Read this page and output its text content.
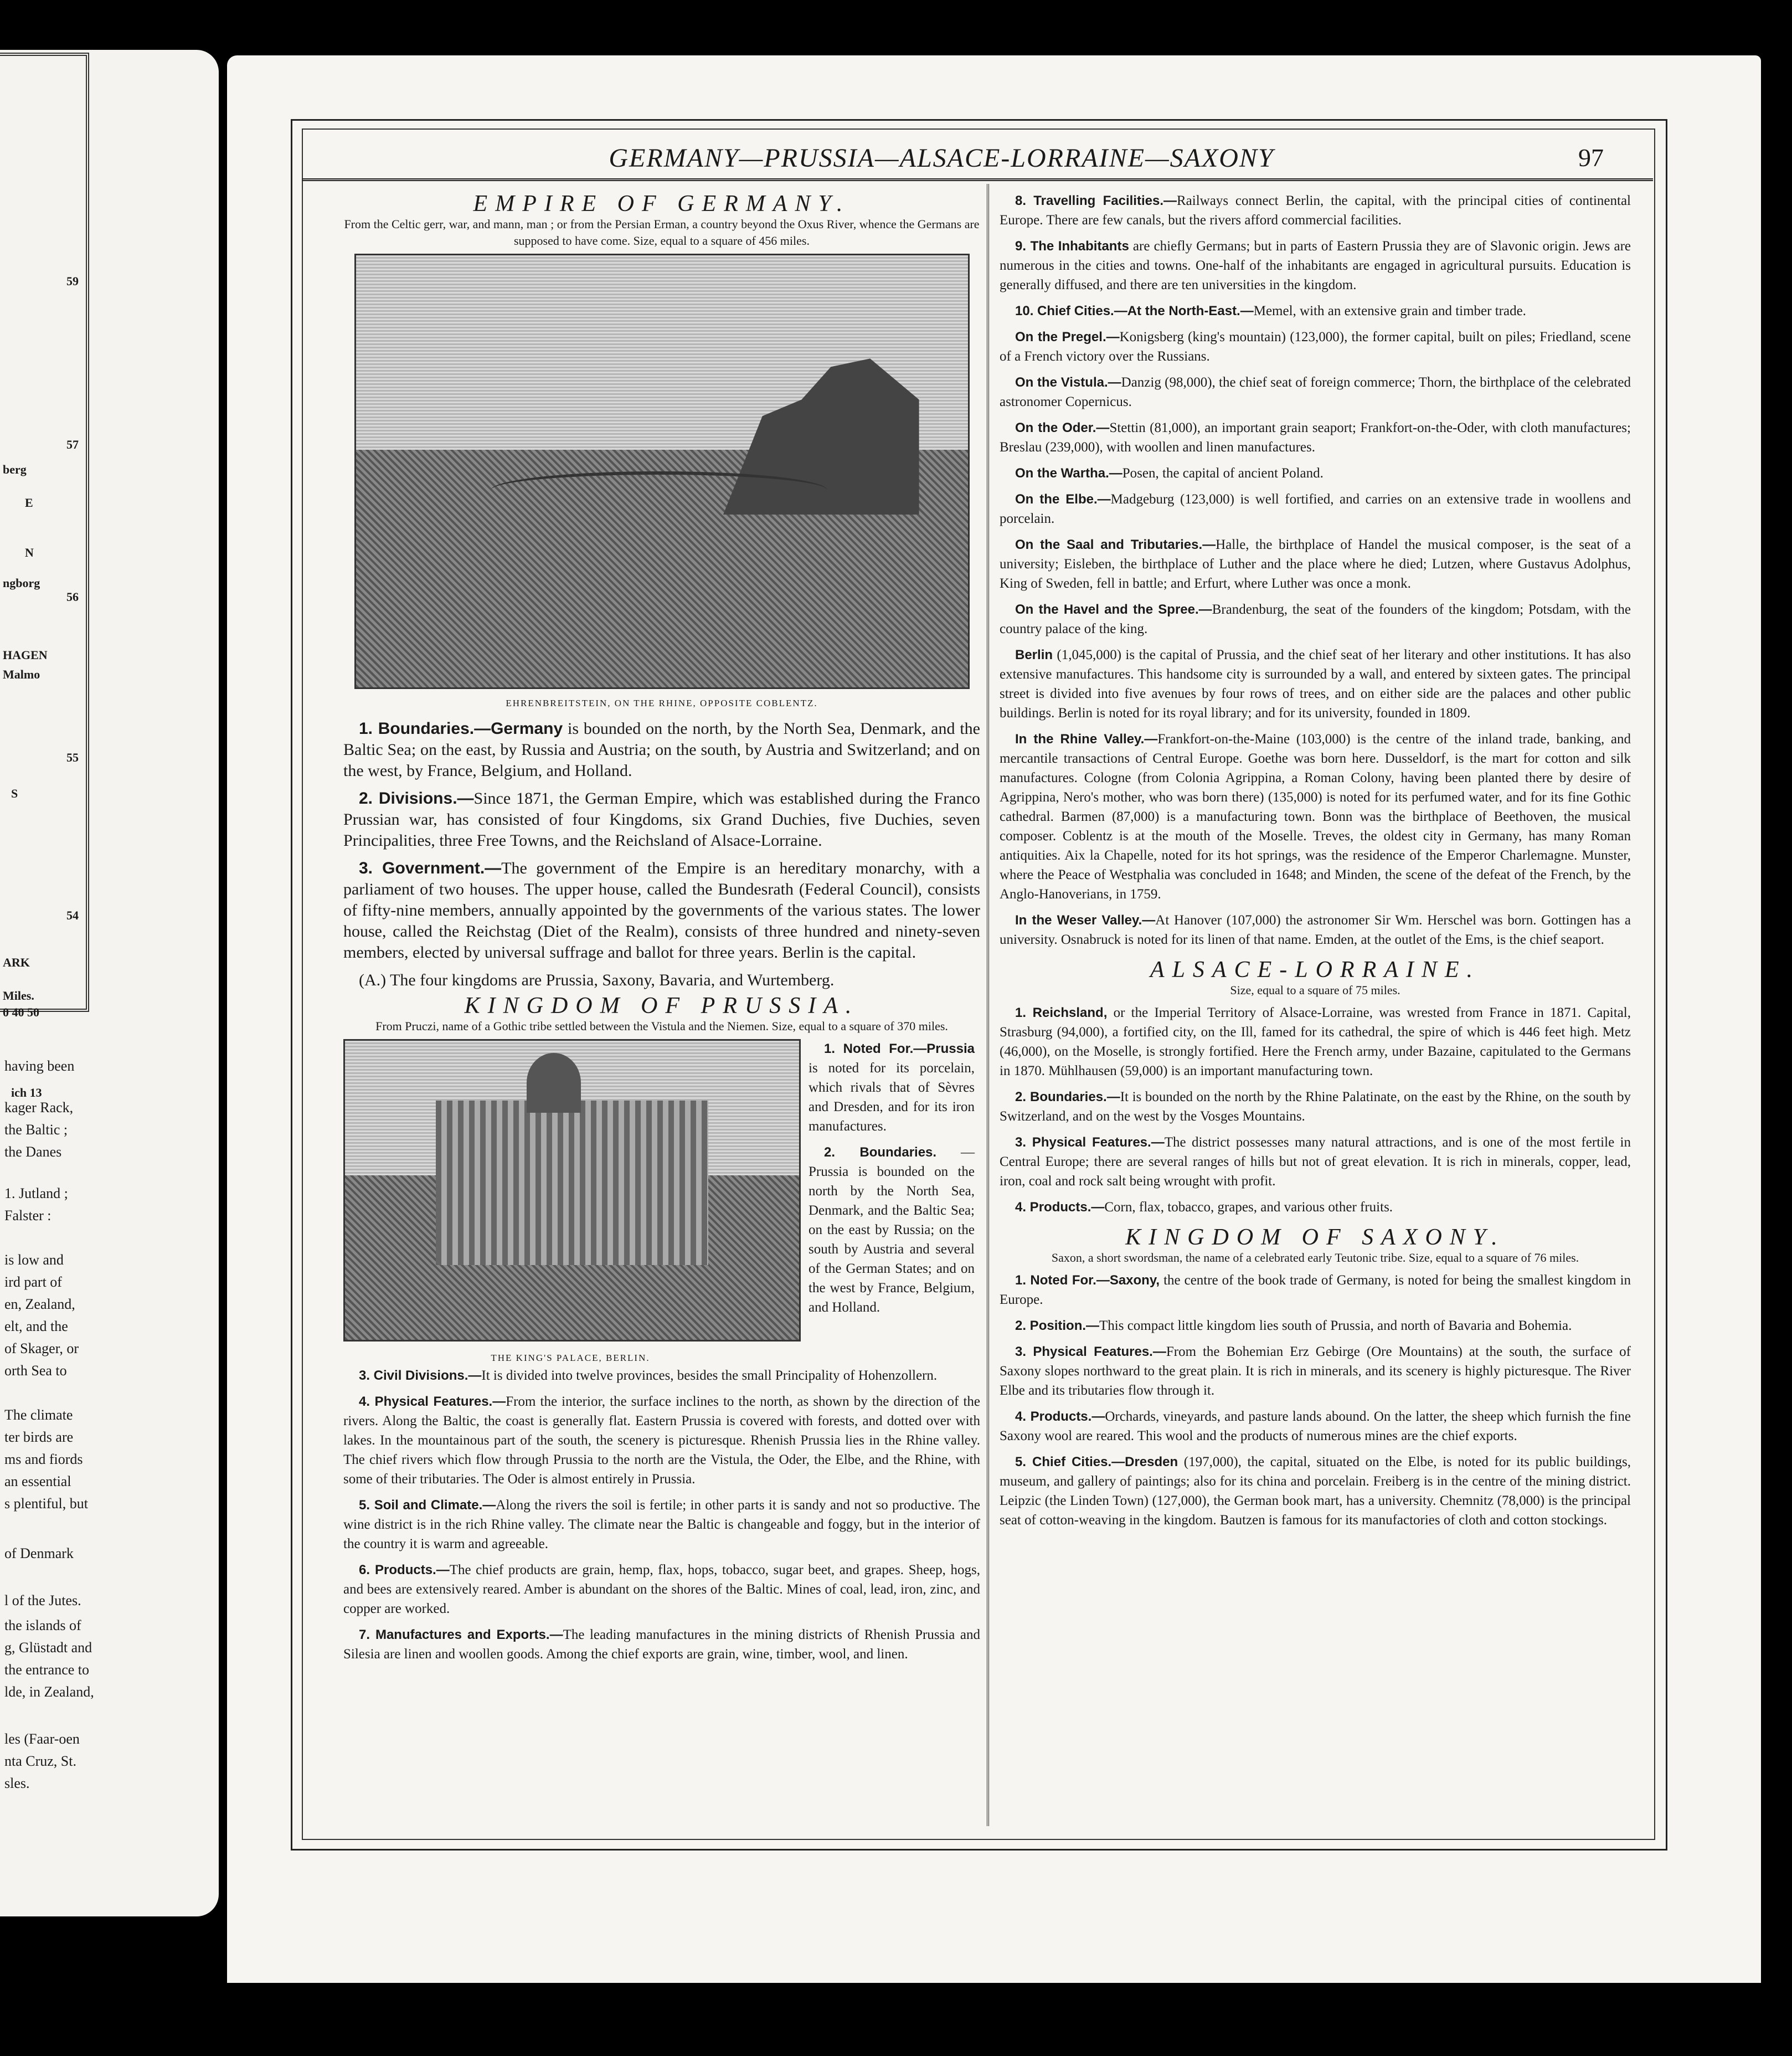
59
57
berg
E
N
ngborg
56
HAGEN
Malmo
55
S
54
ARK
Miles.
0 40 50
ich 13
having been
kager Rack,
the Baltic ;
the Danes
1. Jutland ;
Falster :
is low and
ird part of
en, Zealand,
elt, and the
of Skager, or
orth Sea to
The climate
ter birds are
ms and fiords
an essential
s plentiful, but
of Denmark
l of the Jutes.
the islands of
g, Glüstadt and
the entrance to
lde, in Zealand,
les (Faar-oen
nta Cruz, St.
sles.
GERMANY—PRUSSIA—ALSACE-LORRAINE—SAXONY	97
EMPIRE OF GERMANY.
From the Celtic gerr, war, and mann, man ; or from the Persian Erman, a country beyond the Oxus River, whence the Germans are supposed to have come. Size, equal to a square of 456 miles.
EHRENBREITSTEIN, ON THE RHINE, OPPOSITE COBLENTZ.

1. Boundaries.—Germany is bounded on the north, by the North Sea, Denmark, and the Baltic Sea; on the east, by Russia and Austria; on the south, by Austria and Switzerland; and on the west, by France, Belgium, and Holland.

2. Divisions.—Since 1871, the German Empire, which was established during the Franco Prussian war, has consisted of four Kingdoms, six Grand Duchies, five Duchies, seven Principalities, three Free Towns, and the Reichsland of Alsace-Lorraine.

3. Government.—The government of the Empire is an hereditary monarchy, with a parliament of two houses. The upper house, called the Bundesrath (Federal Council), consists of fifty-nine members, annually appointed by the governments of the various states. The lower house, called the Reichstag (Diet of the Realm), consists of three hundred and ninety-seven members, elected by universal suffrage and ballot for three years. Berlin is the capital.

(A.) The four kingdoms are Prussia, Saxony, Bavaria, and Wurtemberg.

KINGDOM OF PRUSSIA.
From Pruczi, name of a Gothic tribe settled between the Vistula and the Niemen. Size, equal to a square of 370 miles.
THE KING'S PALACE, BERLIN.

1. Noted For.—Prussia is noted for its porcelain, which rivals that of Sèvres and Dresden, and for its iron manufactures.

2. Boundaries. — Prussia is bounded on the north by the North Sea, Denmark, and the Baltic Sea; on the east by Russia; on the south by Austria and several of the German States; and on the west by France, Belgium, and Holland.

3. Civil Divisions.—It is divided into twelve provinces, besides the small Principality of Hohenzollern.

4. Physical Features.—From the interior, the surface inclines to the north, as shown by the direction of the rivers. Along the Baltic, the coast is generally flat. Eastern Prussia is covered with forests, and dotted over with lakes. In the mountainous part of the south, the scenery is picturesque. Rhenish Prussia lies in the Rhine valley. The chief rivers which flow through Prussia to the north are the Vistula, the Oder, the Elbe, and the Rhine, with some of their tributaries. The Oder is almost entirely in Prussia.

5. Soil and Climate.—Along the rivers the soil is fertile; in other parts it is sandy and not so productive. The wine district is in the rich Rhine valley. The climate near the Baltic is changeable and foggy, but in the interior of the country it is warm and agreeable.

6. Products.—The chief products are grain, hemp, flax, hops, tobacco, sugar beet, and grapes. Sheep, hogs, and bees are extensively reared. Amber is abundant on the shores of the Baltic. Mines of coal, lead, iron, zinc, and copper are worked.

7. Manufactures and Exports.—The leading manufactures in the mining districts of Rhenish Prussia and Silesia are linen and woollen goods. Among the chief exports are grain, wine, timber, wool, and linen.

8. Travelling Facilities.—Railways connect Berlin, the capital, with the principal cities of continental Europe. There are few canals, but the rivers afford commercial facilities.

9. The Inhabitants are chiefly Germans; but in parts of Eastern Prussia they are of Slavonic origin. Jews are numerous in the cities and towns. One-half of the inhabitants are engaged in agricultural pursuits. Education is generally diffused, and there are ten universities in the kingdom.

10. Chief Cities.—At the North-East.—Memel, with an extensive grain and timber trade.

On the Pregel.—Konigsberg (king's mountain) (123,000), the former capital, built on piles; Friedland, scene of a French victory over the Russians.

On the Vistula.—Danzig (98,000), the chief seat of foreign commerce; Thorn, the birthplace of the celebrated astronomer Copernicus.

On the Oder.—Stettin (81,000), an important grain seaport; Frankfort-on-the-Oder, with cloth manufactures; Breslau (239,000), with woollen and linen manufactures.

On the Wartha.—Posen, the capital of ancient Poland.

On the Elbe.—Madgeburg (123,000) is well fortified, and carries on an extensive trade in woollens and porcelain.

On the Saal and Tributaries.—Halle, the birthplace of Handel the musical composer, is the seat of a university; Eisleben, the birthplace of Luther and the place where he died; Lutzen, where Gustavus Adolphus, King of Sweden, fell in battle; and Erfurt, where Luther was once a monk.

On the Havel and the Spree.—Brandenburg, the seat of the founders of the kingdom; Potsdam, with the country palace of the king.

Berlin (1,045,000) is the capital of Prussia, and the chief seat of her literary and other institutions. It has also extensive manufactures. This handsome city is surrounded by a wall, and entered by sixteen gates. The principal street is divided into five avenues by four rows of trees, and on either side are the palaces and other public buildings. Berlin is noted for its royal library; and for its university, founded in 1809.

In the Rhine Valley.—Frankfort-on-the-Maine (103,000) is the centre of the inland trade, banking, and mercantile transactions of Central Europe. Goethe was born here. Dusseldorf, is the mart for cotton and silk manufactures. Cologne (from Colonia Agrippina, a Roman Colony, having been planted there by desire of Agrippina, Nero's mother, who was born there) (135,000) is noted for its perfumed water, and for its fine Gothic cathedral. Barmen (87,000) is a manufacturing town. Bonn was the birthplace of Beethoven, the musical composer. Coblentz is at the mouth of the Moselle. Treves, the oldest city in Germany, has many Roman antiquities. Aix la Chapelle, noted for its hot springs, was the residence of the Emperor Charlemagne. Munster, where the Peace of Westphalia was concluded in 1648; and Minden, the scene of the defeat of the French, by the Anglo-Hanoverians, in 1759.

In the Weser Valley.—At Hanover (107,000) the astronomer Sir Wm. Herschel was born. Gottingen has a university. Osnabruck is noted for its linen of that name. Emden, at the outlet of the Ems, is the chief seaport.

ALSACE-LORRAINE.
Size, equal to a square of 75 miles.

1. Reichsland, or the Imperial Territory of Alsace-Lorraine, was wrested from France in 1871. Capital, Strasburg (94,000), a fortified city, on the Ill, famed for its cathedral, the spire of which is 446 feet high. Metz (46,000), on the Moselle, is strongly fortified. Here the French army, under Bazaine, capitulated to the Germans in 1870. Mühlhausen (59,000) is an important manufacturing town.

2. Boundaries.—It is bounded on the north by the Rhine Palatinate, on the east by the Rhine, on the south by Switzerland, and on the west by the Vosges Mountains.

3. Physical Features.—The district possesses many natural attractions, and is one of the most fertile in Central Europe; there are several ranges of hills but not of great elevation. It is rich in minerals, copper, lead, iron, coal and rock salt being wrought with profit.

4. Products.—Corn, flax, tobacco, grapes, and various other fruits.

KINGDOM OF SAXONY.
Saxon, a short swordsman, the name of a celebrated early Teutonic tribe. Size, equal to a square of 76 miles.

1. Noted For.—Saxony, the centre of the book trade of Germany, is noted for being the smallest kingdom in Europe.

2. Position.—This compact little kingdom lies south of Prussia, and north of Bavaria and Bohemia.

3. Physical Features.—From the Bohemian Erz Gebirge (Ore Mountains) at the south, the surface of Saxony slopes northward to the great plain. It is rich in minerals, and its scenery is highly picturesque. The River Elbe and its tributaries flow through it.

4. Products.—Orchards, vineyards, and pasture lands abound. On the latter, the sheep which furnish the fine Saxony wool are reared. This wool and the products of numerous mines are the chief exports.

5. Chief Cities.—Dresden (197,000), the capital, situated on the Elbe, is noted for its public buildings, museum, and gallery of paintings; also for its china and porcelain. Freiberg is in the centre of the mining district. Leipzic (the Linden Town) (127,000), the German book mart, has a university. Chemnitz (78,000) is the principal seat of cotton-weaving in the kingdom. Bautzen is famous for its manufactories of cloth and cotton stockings.
